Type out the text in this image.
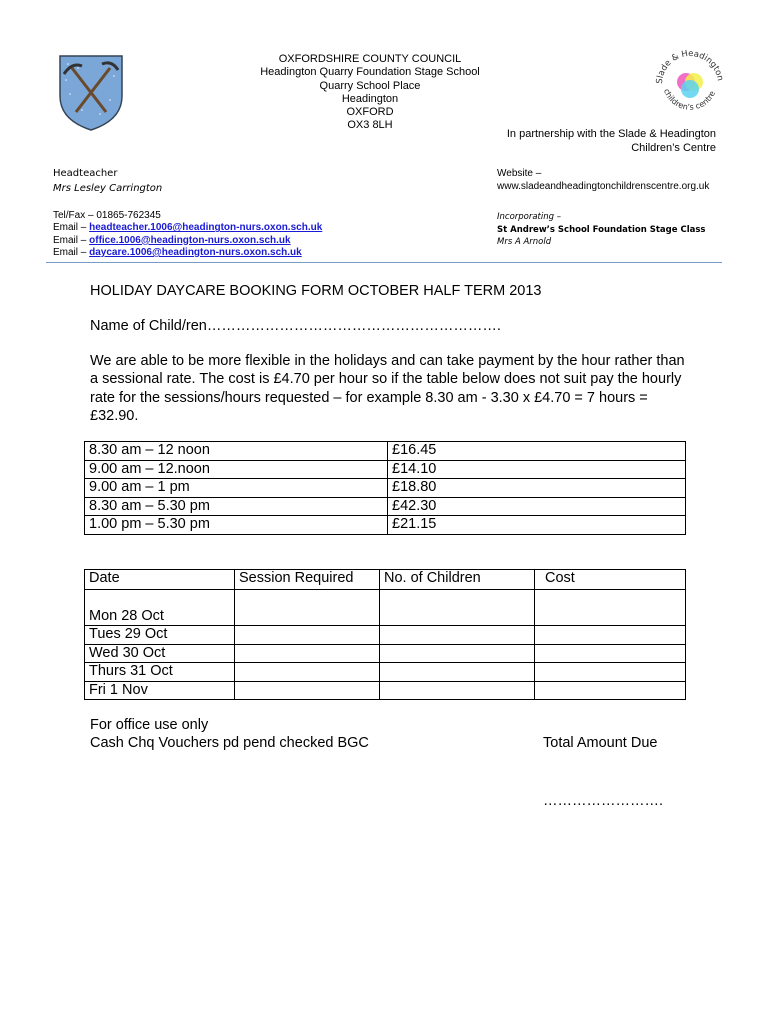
OXFORDSHIRE COUNTY COUNCIL
Headington Quarry Foundation Stage School
Quarry School Place
Headington
OXFORD
OX3 8LH
Slade & Headington
children’s centre
In partnership with the Slade & Headington
Children’s Centre
Headteacher
Mrs Lesley Carrington
Website –
www.sladeandheadingtonchildrenscentre.org.uk
Tel/Fax – 01865-762345
Email – headteacher.1006@headington-nurs.oxon.sch.uk
Email – office.1006@headington-nurs.oxon.sch.uk
Email – daycare.1006@headington-nurs.oxon.sch.uk
Incorporating –
St Andrew’s School Foundation Stage Class
Mrs A Arnold
HOLIDAY DAYCARE BOOKING FORM OCTOBER HALF TERM 2013
Name of Child/ren…………………………………………………….
We are able to be more flexible in the holidays and can take payment by the hour rather than a sessional rate. The cost is £4.70 per hour so if the table below does not suit pay the hourly rate for the sessions/hours requested – for example 8.30 am - 3.30 x £4.70 = 7 hours = £32.90.
8.30 am – 12 noon	£16.45
9.00 am – 12.noon	£14.10
9.00 am – 1 pm	£18.80
8.30 am – 5.30 pm	£42.30
1.00 pm – 5.30 pm	£21.15
Date	Session Required	No. of Children	Cost
Mon 28 Oct			
Tues 29 Oct			
Wed 30 Oct			
Thurs 31 Oct			
Fri 1 Nov			
For office use only
Cash Chq Vouchers pd pend checked BGC	Total Amount Due
…………………….
